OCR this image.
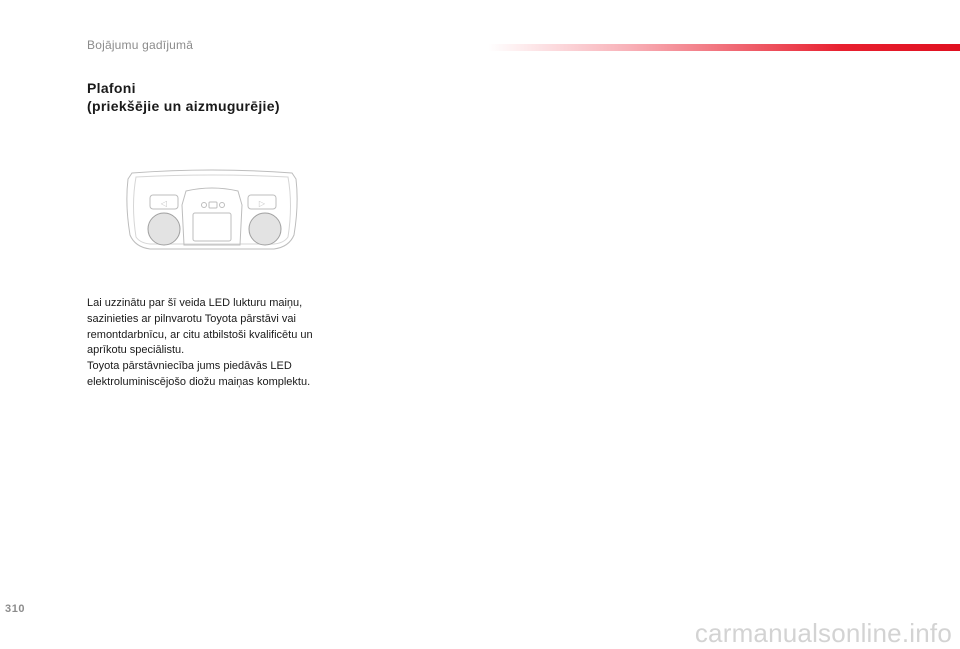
Bojājumu gadījumā
Plafoni
(priekšējie un aizmugurējie)
◁	▷
Lai uzzinātu par šī veida LED lukturu maiņu,
sazinieties ar pilnvarotu Toyota pārstāvi vai
remontdarbnīcu, ar citu atbilstoši kvalificētu un
aprīkotu speciālistu.
Toyota pārstāvniecība jums piedāvās LED
elektroluminiscējošo diožu maiņas komplektu.
310
carmanualsonline.info
